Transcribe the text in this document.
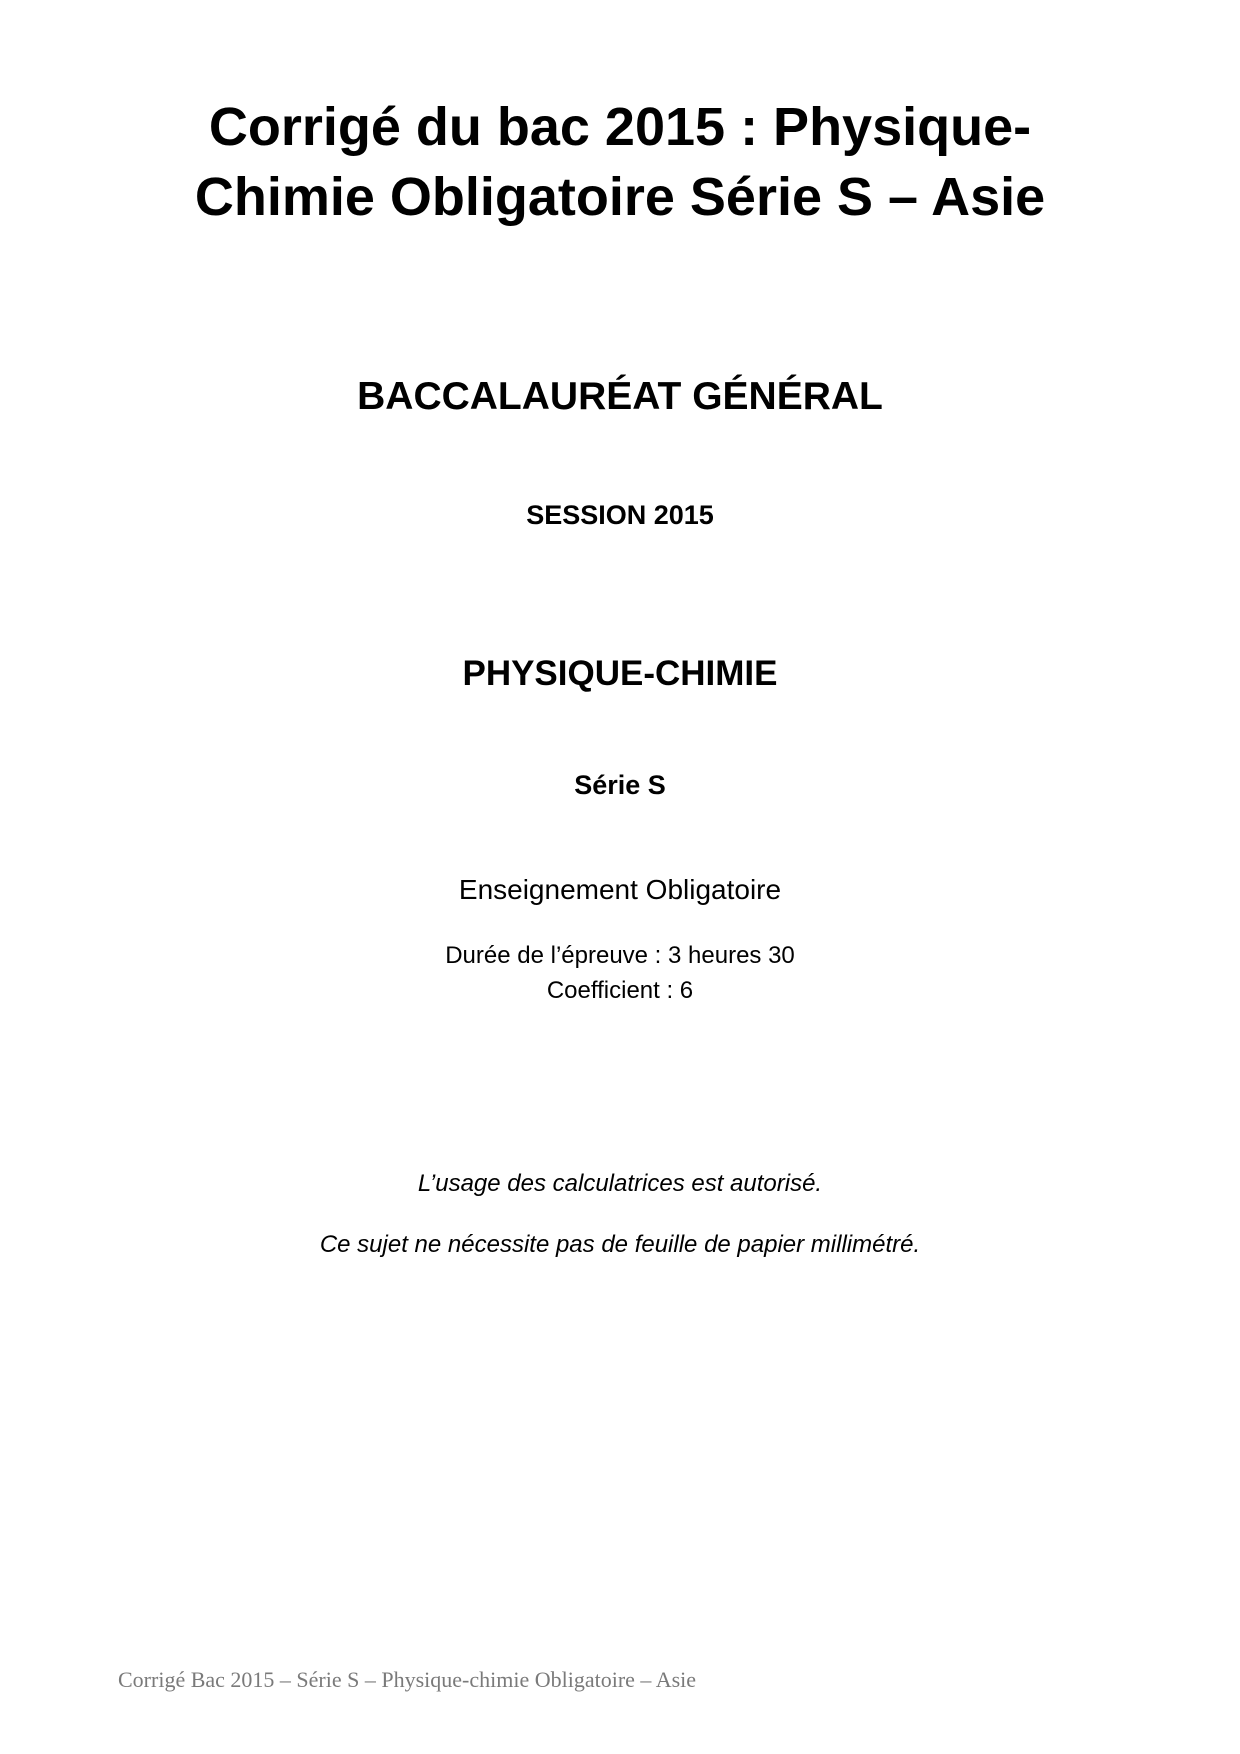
Corrigé du bac 2015 : Physique-
Chimie Obligatoire Série S – Asie

BACCALAURÉAT GÉNÉRAL

SESSION 2015

PHYSIQUE-CHIMIE

Série S

Enseignement Obligatoire

Durée de l’épreuve : 3 heures 30

Coefficient : 6

L’usage des calculatrices est autorisé.

Ce sujet ne nécessite pas de feuille de papier millimétré.

Corrigé Bac 2015 – Série S – Physique-chimie Obligatoire – Asie
